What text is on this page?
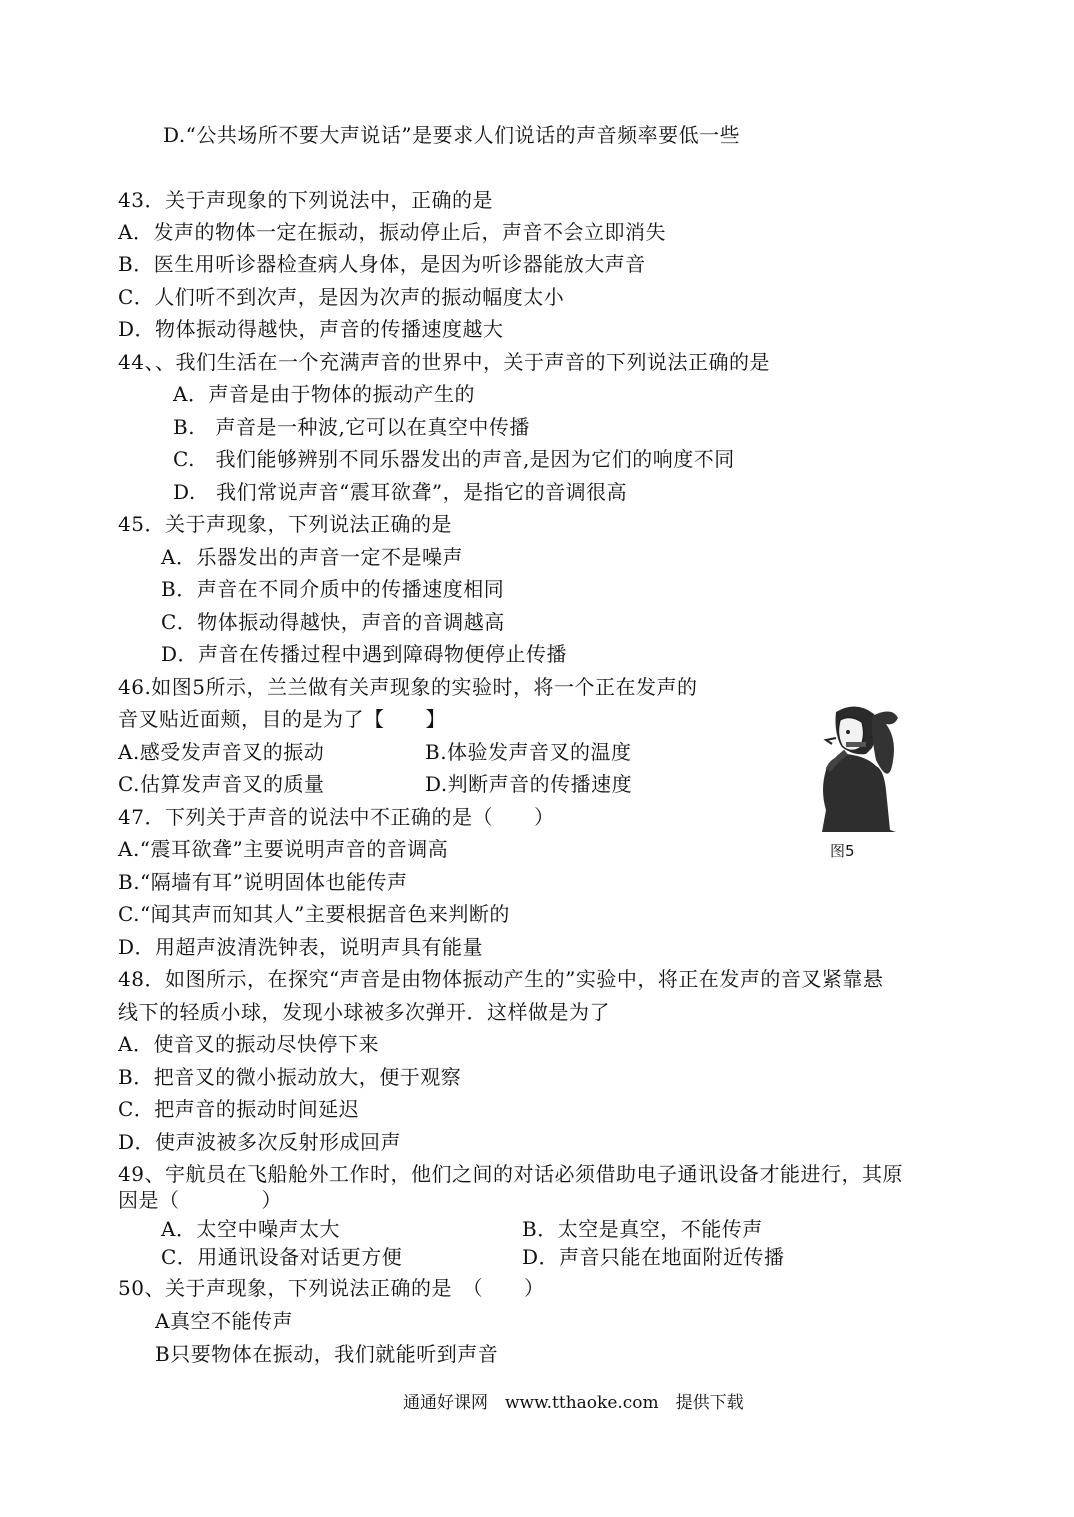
D.“公共场所不要大声说话”是要求人们说话的声音频率要低一些
43．关于声现象的下列说法中，正确的是
A．发声的物体一定在振动，振动停止后，声音不会立即消失
B．医生用听诊器检查病人身体，是因为听诊器能放大声音
C．人们听不到次声，是因为次声的振动幅度太小
D．物体振动得越快，声音的传播速度越大
44、、我们生活在一个充满声音的世界中，关于声音的下列说法正确的是
A．声音是由于物体的振动产生的
B.　声音是一种波,它可以在真空中传播
C.　我们能够辨别不同乐器发出的声音,是因为它们的响度不同
D.　我们常说声音“震耳欲聋”，是指它的音调很高
45．关于声现象，下列说法正确的是
A．乐器发出的声音一定不是噪声
B．声音在不同介质中的传播速度相同
C．物体振动得越快，声音的音调越高
D．声音在传播过程中遇到障碍物便停止传播
46.如图5所示，兰兰做有关声现象的实验时，将一个正在发声的
音叉贴近面颊，目的是为了【　　】
A.感受发声音叉的振动	B.体验发声音叉的温度
C.估算发声音叉的质量	D.判断声音的传播速度
47．下列关于声音的说法中不正确的是（　　）
A.“震耳欲聋”主要说明声音的音调高
B.“隔墙有耳”说明固体也能传声
C.“闻其声而知其人”主要根据音色来判断的
D．用超声波清洗钟表，说明声具有能量
48．如图所示，在探究“声音是由物体振动产生的”实验中，将正在发声的音叉紧靠悬
线下的轻质小球，发现小球被多次弹开．这样做是为了
A．使音叉的振动尽快停下来
B．把音叉的微小振动放大，便于观察
C．把声音的振动时间延迟
D．使声波被多次反射形成回声
49、宇航员在飞船舱外工作时，他们之间的对话必须借助电子通讯设备才能进行，其原
因是（　　　　）
A．太空中噪声太大	B．太空是真空，不能传声
C．用通讯设备对话更方便	D．声音只能在地面附近传播
50、关于声现象，下列说法正确的是　（　　）
A真空不能传声
B只要物体在振动，我们就能听到声音
图5
通通好课网　www.tthaoke.com　提供下载
